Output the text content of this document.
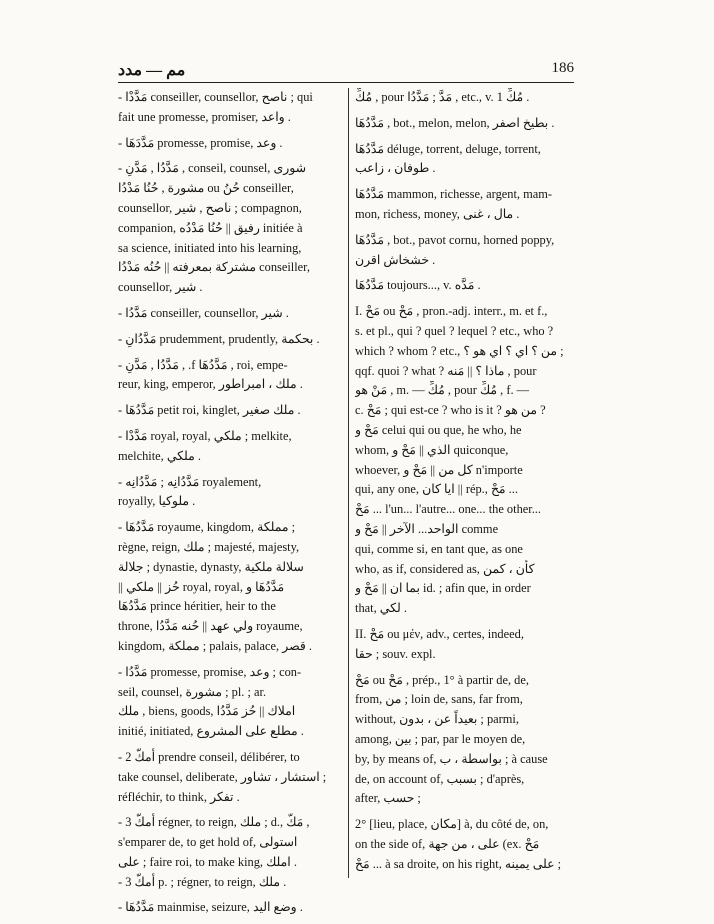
مم — مدد	186
- مَدَّدْا conseiller, counsellor, ناصح ; qui
fait une promesse, promiser, واعد .
- مَدَّدَهَا promesse, promise, وعد .
- مَدَّدُا , مَدَّنِ , conseil, counsel, شورى
مشورة , حُنُا مَدْدُا ou حُنُ conseiller,
counsellor, ناصح , شير ; compagnon,
companion, رفيق || حُنُا مَدْدُه initiée à
sa science, initiated into his learning,
مشتركة بمعرفته || حُنُه مَدْدُا conseiller,
counsellor, شير .
- مَدَّدُا conseiller, counsellor, شير .
- مَدَّدُانِ prudemment, prudently, بحكمة .
- مَدَّدُا , مَدَّنِ , .f مَدَّدُهَا , roi, empe-
reur, king, emperor, ملك ، امبراطور .
- مَدَّدُهَا petit roi, kinglet, ملك صغير .
- مَدَّدْا royal, royal, ملكي ; melkite,
melchite, ملكي .
- مَدَّدُانِه ; مَدَّدُانِه royalement,
royally, ملوكيا .
- مَدَّدُهَا royaume, kingdom, مملكة ;
règne, reign, ملك ; majesté, majesty,
جلالة ; dynastie, dynasty, سلالة ملكية
|| حُز || ملكي royal, royal, مَدَّدُهَا و
مَدَّدُهَا prince héritier, heir to the
throne, ولي عهد || حُنه مَدَّدُا royaume,
kingdom, مملكة ; palais, palace, قصر .
- مَدَّدُا promesse, promise, وعد ; con-
seil, counsel, مشورة ; pl. ; ar.
ملك , biens, goods, املاك || حُز مَدَّدُا
initié, initiated, مطلع على المشروع .
- أَمكَّ 2 prendre conseil, délibérer, to
take counsel, deliberate, استشار ، تشاور ;
réfléchir, to think, تفكر .
- أَمكَّ 3 régner, to reign, ملك ; d., مَكَّ ,
s'emparer de, to get hold of, استولى
على ; faire roi, to make king, املك .
- أَمكَّ 3 p. ; régner, to reign, ملك .
- مَدَّدُهَا mainmise, seizure, وضع اليد .
مُكِّ , pour مَدَّ ; مَدَّدُا , etc., v. مُكِّ 1 .
مَدَّدُهَا , bot., melon, melon, بطيخ اصفر .
مَدَّدُهَا déluge, torrent, deluge, torrent,
طوفان ، زاعب .
مَدَّدُهَا mammon, richesse, argent, mam-
mon, richess, money, مال ، غنى .
مَدَّدُهَا , bot., pavot cornu, horned poppy,
خشخاش اقرن .
مَدَّدُهَا toujours..., v. مَدَّه .
I. مَحْ ou مَحْ , pron.-adj. interr., m. et f.,
s. et pl., qui ? quel ? lequel ? etc., who ?
which ? whom ? etc., من ؟ اي ؟ اي هو ؟ ;
qqf. quoi ? what ? ماذا ؟ || مَنه , pour
مَنْ هو , m. — مُكِّ , pour مُكِّ , f. —
c. مَحْ ; qui est-ce ? who is it ? من هو ?
مَحْ و celui qui ou que, he who, he
whom, الذي || مَحْ و quiconque,
whoever, كل من || مَحْ و n'importe
qui, any one, ايا كان || rép., مَحْ ...
مَحْ ... l'un... l'autre... one... the other...
الواحد... الآخر || مَحْ و comme
qui, comme si, en tant que, as one
who, as if, considered as, كأن ، كمن
بما ان || مَحْ و id. ; afin que, in order
that, لكي .
II. مَحْ ou μέν, adv., certes, indeed,
حقا ; souv. expl.
مَحْ ou مَحْ , prép., 1° à partir de, de,
from, من ; loin de, sans, far from,
without, بعيداً عن ، بدون ; parmi,
among, بين ; par, par le moyen de,
by, by means of, بواسطة ، ب ; à cause
de, on account of, بسبب ; d'après,
after, حسب ;
2° [lieu, place, مكان] à, du côté de, on,
on the side of, على ، من جهة (ex. مَحْ
مَحْ ... à sa droite, on his right, على يمينه ;
